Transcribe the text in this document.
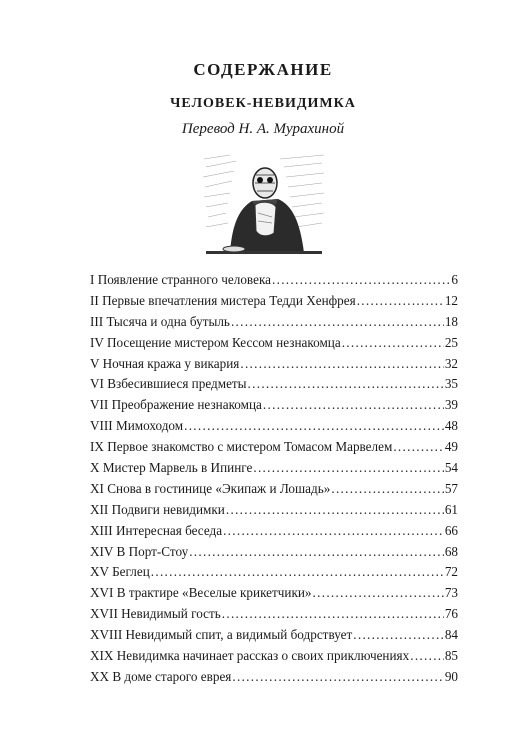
СОДЕРЖАНИЕ
ЧЕЛОВЕК-НЕВИДИМКА
Перевод Н. А. Мурахиной
I Появление странного человека . . .	6
II Первые впечатления мистера Тедди Хенфрея . . .	12
III Тысяча и одна бутыль . . .	18
IV Посещение мистером Кессом незнакомца . . .	25
V Ночная кража у викария . . .	32
VI Взбесившиеся предметы . . .	35
VII Преображение незнакомца . . .	39
VIII Мимоходом . . .	48
IX Первое знакомство с мистером Томасом Марвелем . . .	49
X Мистер Марвель в Ипинге . . .	54
XI Снова в гостинице «Экипаж и Лошадь» . . .	57
XII Подвиги невидимки . . .	61
XIII Интересная беседа . . .	66
XIV В Порт-Стоу . . .	68
XV Беглец . . .	72
XVI В трактире «Веселые крикетчики» . . .	73
XVII Невидимый гость . . .	76
XVIII Невидимый спит, а видимый бодрствует . . .	84
XIX Невидимка начинает рассказ о своих приключениях . . .	85
XX В доме старого еврея . . .	90
